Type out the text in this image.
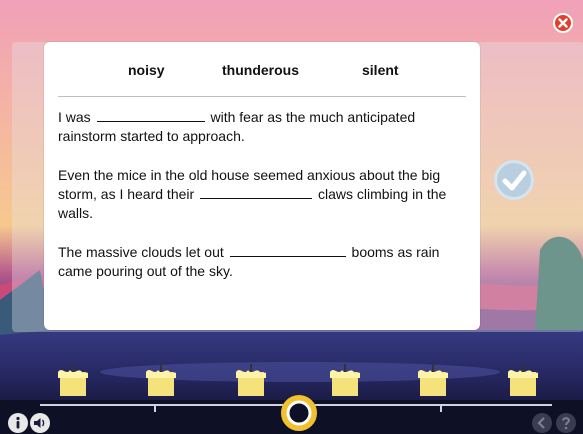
noisy	thunderous	silent
I was	with fear as the much anticipated rainstorm started to approach.
Even the mice in the old house seemed anxious about the big storm, as I heard their	claws climbing in the walls.
The massive clouds let out	booms as rain came pouring out of the sky.
